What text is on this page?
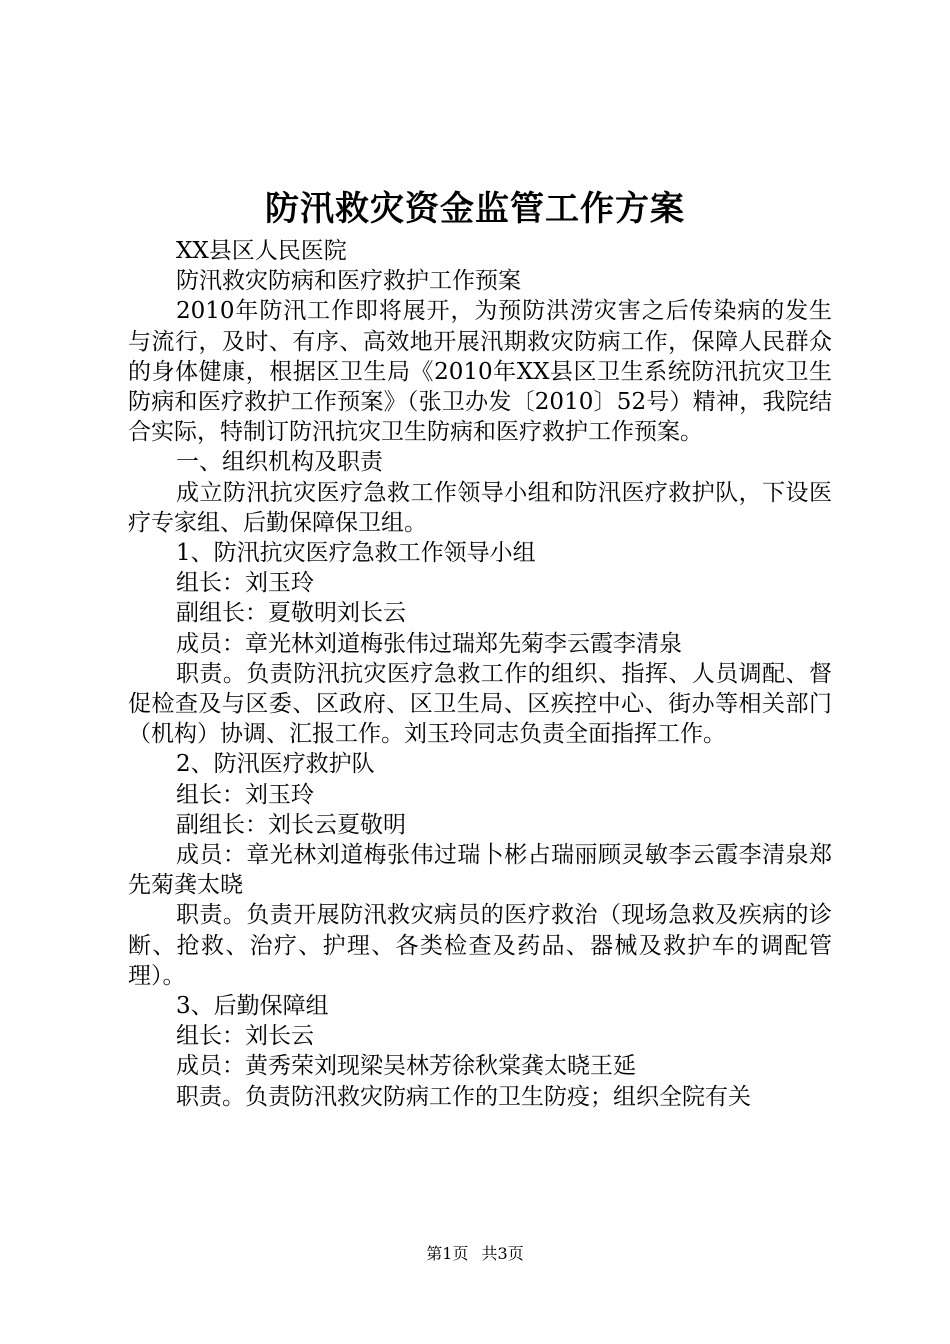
防汛救灾资金监管工作方案

XX县区人民医院

防汛救灾防病和医疗救护工作预案

2010年防汛工作即将展开，为预防洪涝灾害之后传染病的发生与流行，及时、有序、高效地开展汛期救灾防病工作，保障人民群众的身体健康，根据区卫生局《2010年XX县区卫生系统防汛抗灾卫生防病和医疗救护工作预案》（张卫办发〔2010〕52号）精神，我院结合实际，特制订防汛抗灾卫生防病和医疗救护工作预案。

一、组织机构及职责

成立防汛抗灾医疗急救工作领导小组和防汛医疗救护队，下设医疗专家组、后勤保障保卫组。

1、防汛抗灾医疗急救工作领导小组

组长：刘玉玲

副组长：夏敬明刘长云

成员：章光林刘道梅张伟过瑞郑先菊李云霞李清泉

职责。负责防汛抗灾医疗急救工作的组织、指挥、人员调配、督促检查及与区委、区政府、区卫生局、区疾控中心、街办等相关部门（机构）协调、汇报工作。刘玉玲同志负责全面指挥工作。

2、防汛医疗救护队

组长：刘玉玲

副组长：刘长云夏敬明

成员：章光林刘道梅张伟过瑞卜彬占瑞丽顾灵敏李云霞李清泉郑先菊龚太晓

职责。负责开展防汛救灾病员的医疗救治（现场急救及疾病的诊断、抢救、治疗、护理、各类检查及药品、器械及救护车的调配管理）。

3、后勤保障组

组长：刘长云

成员：黄秀荣刘现梁吴林芳徐秋棠龚太晓王延

职责。负责防汛救灾防病工作的卫生防疫；组织全院有关

第1页 共3页
